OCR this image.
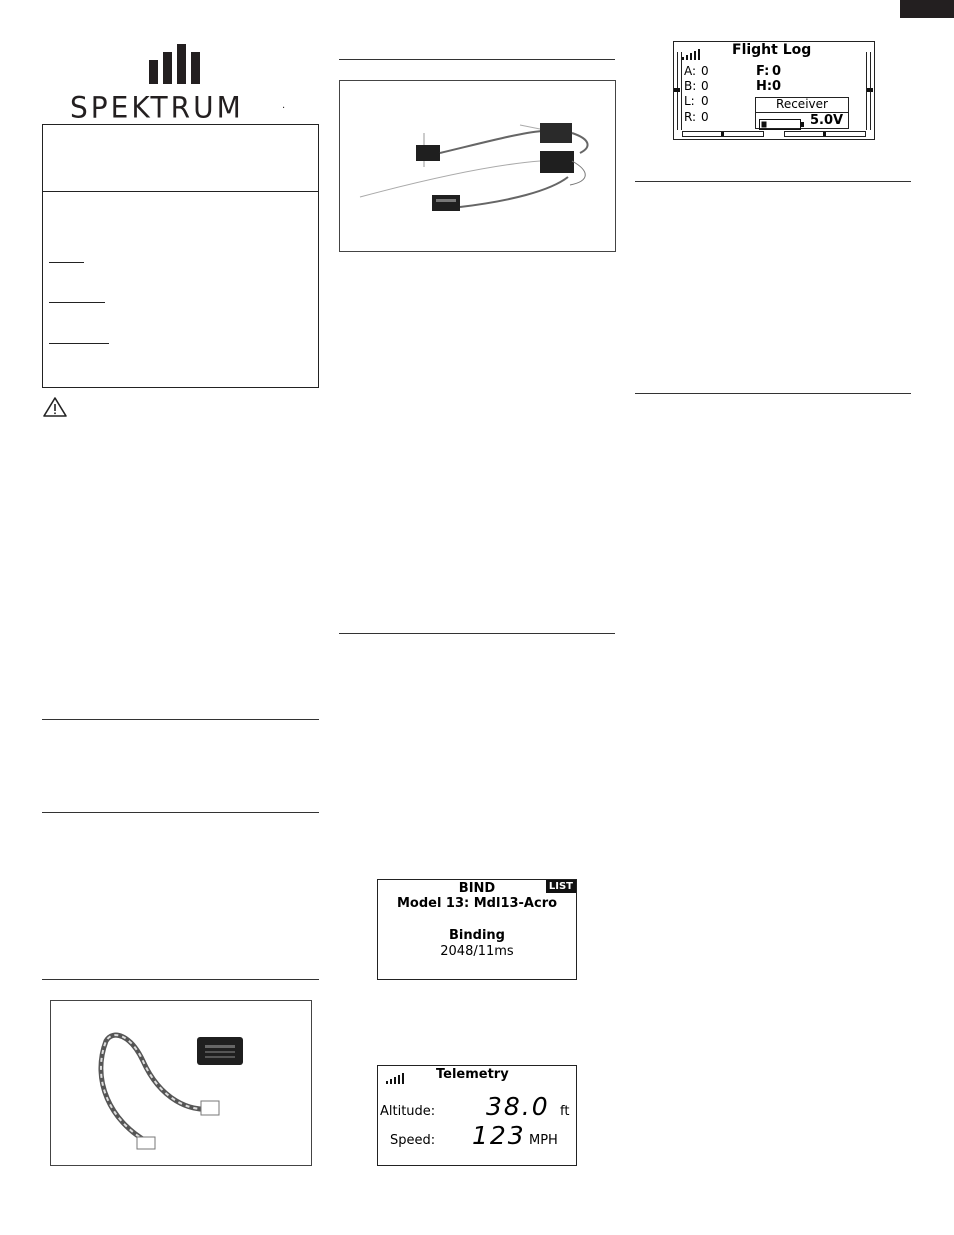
SPEKTRUM	.
BIND	LIST
Model 13: Mdl13-Acro
Binding
2048/11ms
Telemetry
Altitude: 38.0 ft
Speed: 123 MPH
Flight Log
A: 0
B: 0
L: 0
R: 0
F: 0
H: 0
Receiver
5.0V
